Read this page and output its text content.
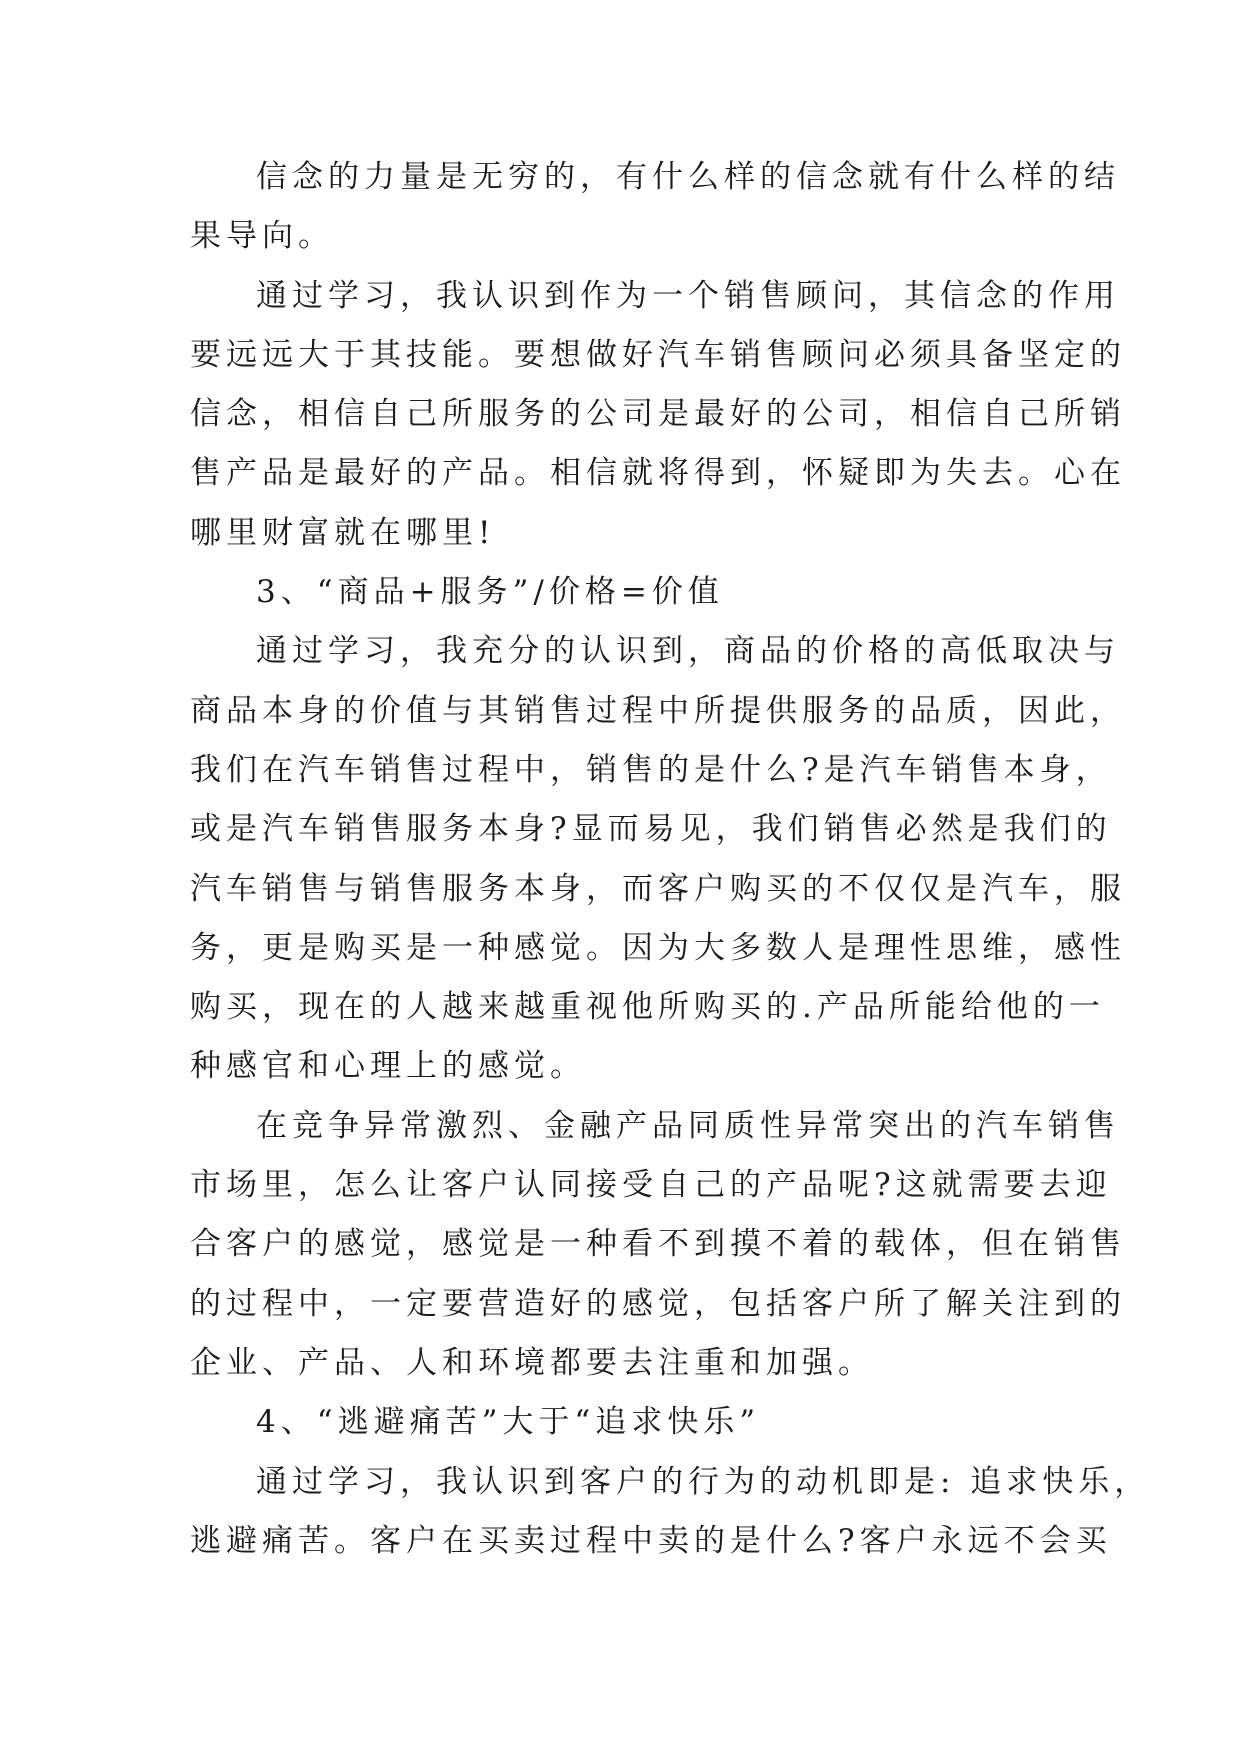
信念的力量是无穷的，有什么样的信念就有什么样的结
果导向。
通过学习，我认识到作为一个销售顾问，其信念的作用
要远远大于其技能。要想做好汽车销售顾问必须具备坚定的
信念，相信自己所服务的公司是最好的公司，相信自己所销
售产品是最好的产品。相信就将得到，怀疑即为失去。心在
哪里财富就在哪里!
3、“商品+服务”/价格=价值
通过学习，我充分的认识到，商品的价格的高低取决与
商品本身的价值与其销售过程中所提供服务的品质，因此，
我们在汽车销售过程中，销售的是什么?是汽车销售本身，
或是汽车销售服务本身?显而易见，我们销售必然是我们的
汽车销售与销售服务本身，而客户购买的不仅仅是汽车，服
务，更是购买是一种感觉。因为大多数人是理性思维，感性
购买，现在的人越来越重视他所购买的.产品所能给他的一
种感官和心理上的感觉。
在竞争异常激烈、金融产品同质性异常突出的汽车销售
市场里，怎么让客户认同接受自己的产品呢?这就需要去迎
合客户的感觉，感觉是一种看不到摸不着的载体，但在销售
的过程中，一定要营造好的感觉，包括客户所了解关注到的
企业、产品、人和环境都要去注重和加强。
4、“逃避痛苦”大于“追求快乐”
通过学习，我认识到客户的行为的动机即是: 追求快乐，
逃避痛苦。客户在买卖过程中卖的是什么?客户永远不会买
